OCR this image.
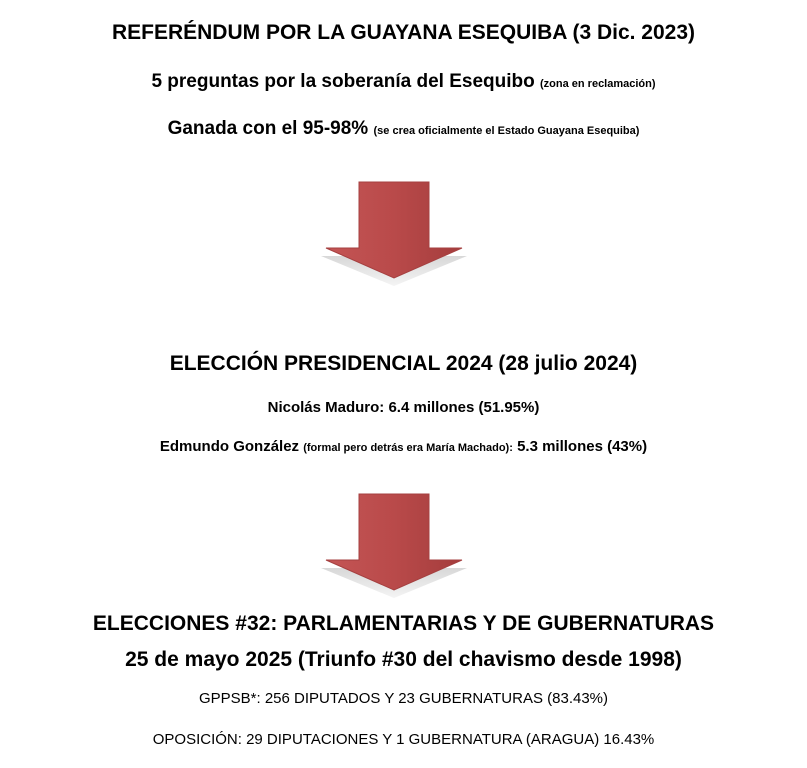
REFERÉNDUM POR LA GUAYANA ESEQUIBA (3 Dic. 2023)
5 preguntas por la soberanía del Esequibo (zona en reclamación)
Ganada con el 95-98% (se crea oficialmente el Estado Guayana Esequiba)
ELECCIÓN PRESIDENCIAL 2024 (28 julio 2024)
Nicolás Maduro: 6.4 millones (51.95%)
Edmundo González (formal pero detrás era María Machado): 5.3 millones (43%)
ELECCIONES #32: PARLAMENTARIAS Y DE GUBERNATURAS
25 de mayo 2025 (Triunfo #30 del chavismo desde 1998)
GPPSB*: 256 DIPUTADOS Y 23 GUBERNATURAS (83.43%)
OPOSICIÓN: 29 DIPUTACIONES Y 1 GUBERNATURA (ARAGUA) 16.43%
